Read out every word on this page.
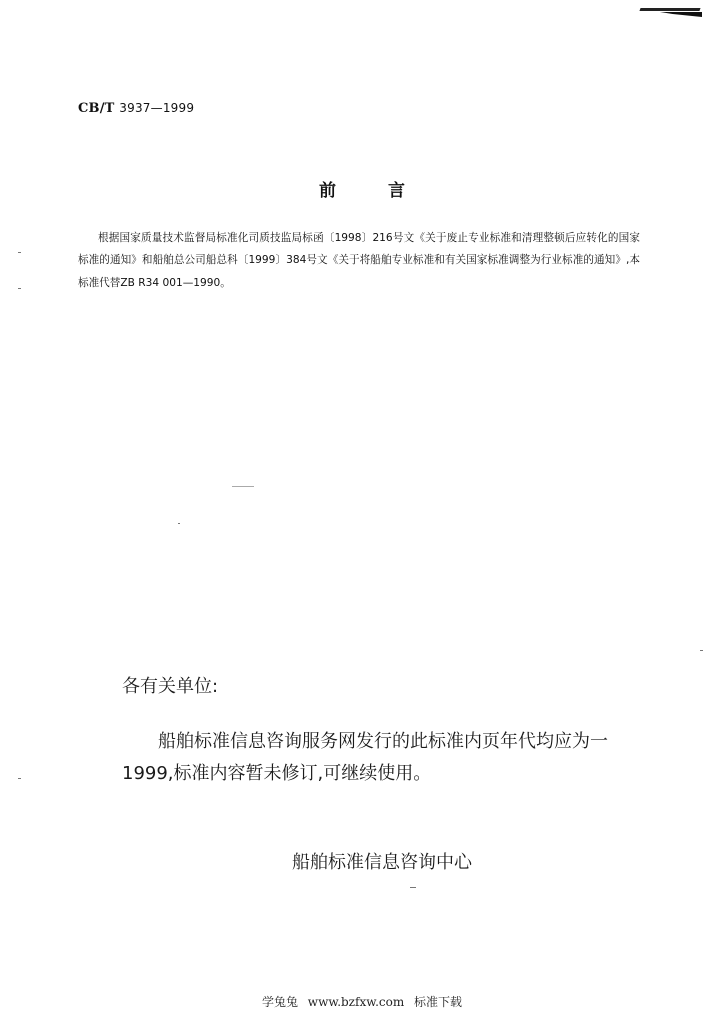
CB/T 3937—1999
前言

根据国家质量技术监督局标准化司质技监局标函〔1998〕216号文《关于废止专业标准和清理整顿后应转化的国家标准的通知》和船舶总公司船总科〔1999〕384号文《关于将船舶专业标准和有关国家标准调整为行业标准的通知》,本标准代替ZB R34 001—1990。

各有关单位:

船舶标准信息咨询服务网发行的此标准内页年代均应为一1999,标准内容暂未修订,可继续使用。

船舶标准信息咨询中心
学兔兔 www.bzfxw.com 标准下载
